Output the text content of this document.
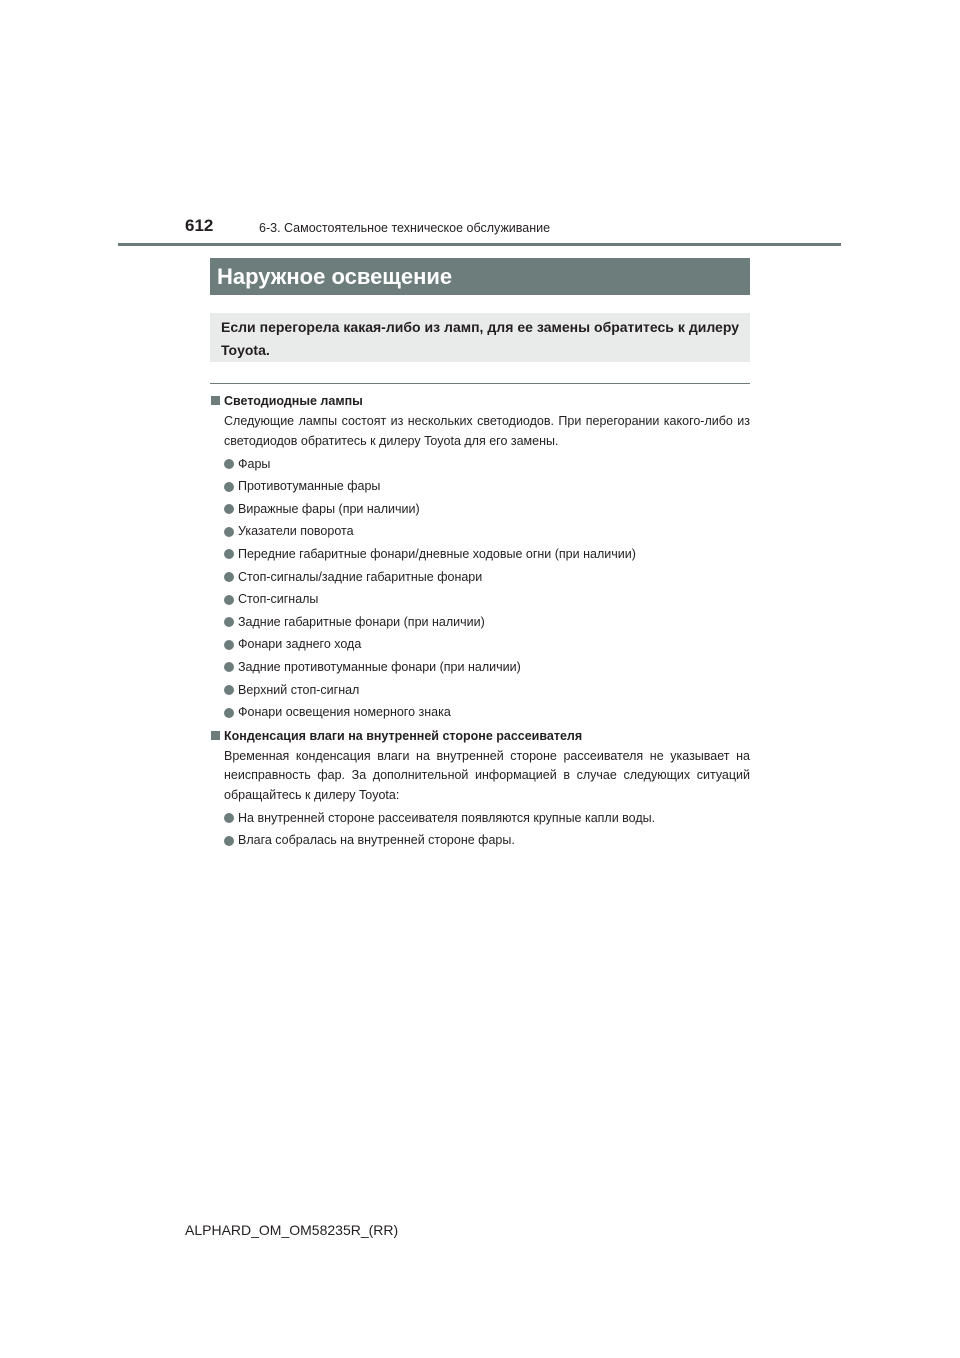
612	6-3. Самостоятельное техническое обслуживание
Наружное освещение
Если перегорела какая-либо из ламп, для ее замены обратитесь к дилеру Toyota.
Светодиодные лампы
Следующие лампы состоят из нескольких светодиодов. При перегорании какого-либо из светодиодов обратитесь к дилеру Toyota для его замены.
Фары
Противотуманные фары
Виражные фары (при наличии)
Указатели поворота
Передние габаритные фонари/дневные ходовые огни (при наличии)
Стоп-сигналы/задние габаритные фонари
Стоп-сигналы
Задние габаритные фонари (при наличии)
Фонари заднего хода
Задние противотуманные фонари (при наличии)
Верхний стоп-сигнал
Фонари освещения номерного знака
Конденсация влаги на внутренней стороне рассеивателя
Временная конденсация влаги на внутренней стороне рассеивателя не указывает на неисправность фар. За дополнительной информацией в случае следующих ситуаций обращайтесь к дилеру Toyota:
На внутренней стороне рассеивателя появляются крупные капли воды.
Влага собралась на внутренней стороне фары.
ALPHARD_OM_OM58235R_(RR)
